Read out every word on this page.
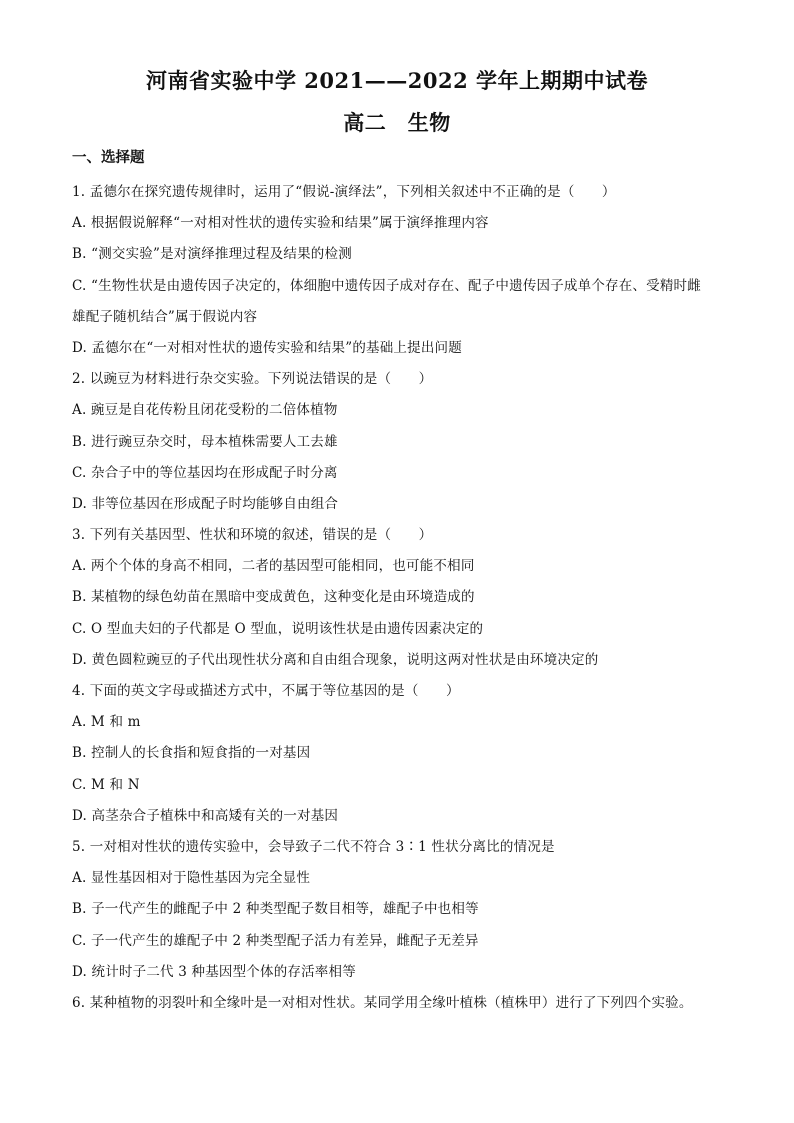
河南省实验中学 2021——2022 学年上期期中试卷
高二　生物
一、选择题
1. 孟德尔在探究遗传规律时，运用了“假说-演绎法”，下列相关叙述中不正确的是（　　）
A. 根据假说解释“一对相对性状的遗传实验和结果”属于演绎推理内容
B. “测交实验”是对演绎推理过程及结果的检测
C. “生物性状是由遗传因子决定的，体细胞中遗传因子成对存在、配子中遗传因子成单个存在、受精时雌
雄配子随机结合”属于假说内容
D. 孟德尔在“一对相对性状的遗传实验和结果”的基础上提出问题
2. 以豌豆为材料进行杂交实验。下列说法错误的是（　　）
A. 豌豆是自花传粉且闭花受粉的二倍体植物
B. 进行豌豆杂交时，母本植株需要人工去雄
C. 杂合子中的等位基因均在形成配子时分离
D. 非等位基因在形成配子时均能够自由组合
3. 下列有关基因型、性状和环境的叙述，错误的是（　　）
A. 两个个体的身高不相同，二者的基因型可能相同，也可能不相同
B. 某植物的绿色幼苗在黑暗中变成黄色，这种变化是由环境造成的
C. O 型血夫妇的子代都是 O 型血，说明该性状是由遗传因素决定的
D. 黄色圆粒豌豆的子代出现性状分离和自由组合现象，说明这两对性状是由环境决定的
4. 下面的英文字母或描述方式中，不属于等位基因的是（　　）
A. M 和 m
B. 控制人的长食指和短食指的一对基因
C. M 和 N
D. 高茎杂合子植株中和高矮有关的一对基因
5. 一对相对性状的遗传实验中，会导致子二代不符合 3∶1 性状分离比的情况是
A. 显性基因相对于隐性基因为完全显性
B. 子一代产生的雌配子中 2 种类型配子数目相等，雄配子中也相等
C. 子一代产生的雄配子中 2 种类型配子活力有差异，雌配子无差异
D. 统计时子二代 3 种基因型个体的存活率相等
6. 某种植物的羽裂叶和全缘叶是一对相对性状。某同学用全缘叶植株（植株甲）进行了下列四个实验。
